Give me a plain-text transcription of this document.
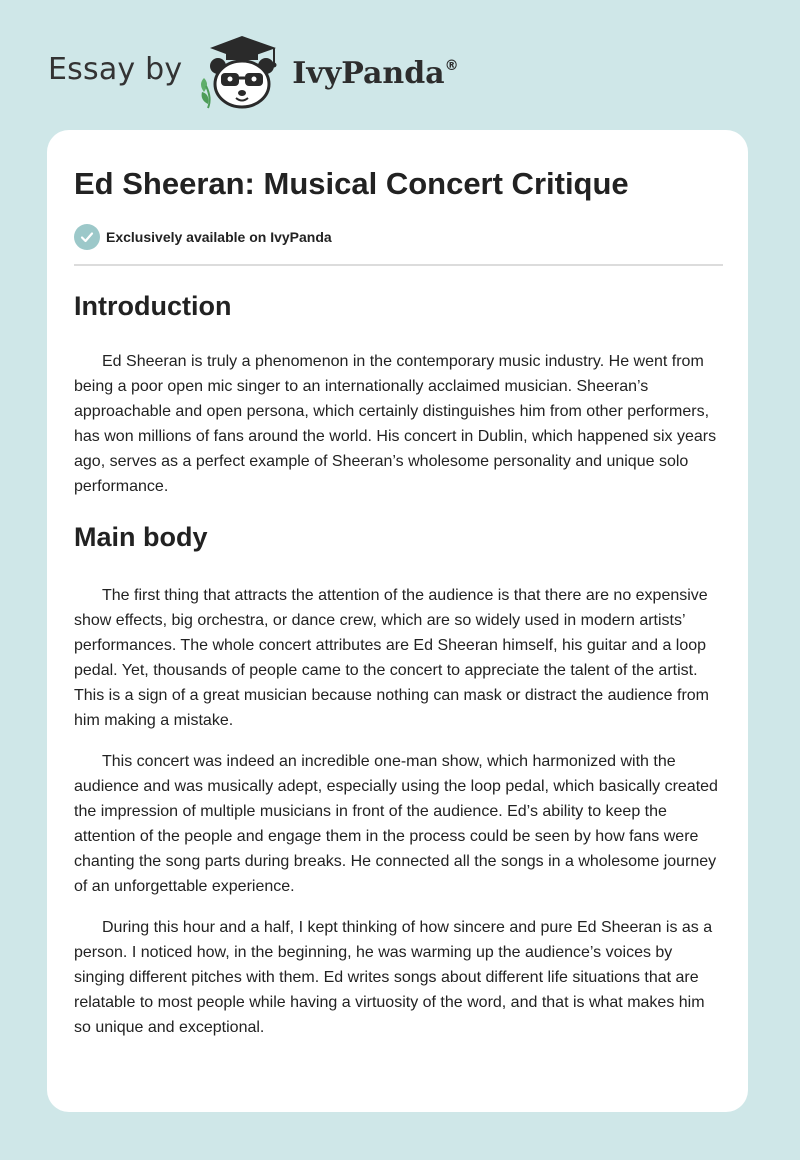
Essay by	IvyPanda®
Ed Sheeran: Musical Concert Critique
Exclusively available on IvyPanda
Introduction

Ed Sheeran is truly a phenomenon in the contemporary music industry. He went from being a poor open mic singer to an internationally acclaimed musician. Sheeran’s approachable and open persona, which certainly distinguishes him from other performers, has won millions of fans around the world. His concert in Dublin, which happened six years ago, serves as a perfect example of Sheeran’s wholesome personality and unique solo performance.

Main body

The first thing that attracts the attention of the audience is that there are no expensive show effects, big orchestra, or dance crew, which are so widely used in modern artists’ performances. The whole concert attributes are Ed Sheeran himself, his guitar and a loop pedal. Yet, thousands of people came to the concert to appreciate the talent of the artist. This is a sign of a great musician because nothing can mask or distract the audience from him making a mistake.

This concert was indeed an incredible one-man show, which harmonized with the audience and was musically adept, especially using the loop pedal, which basically created the impression of multiple musicians in front of the audience. Ed’s ability to keep the attention of the people and engage them in the process could be seen by how fans were chanting the song parts during breaks. He connected all the songs in a wholesome journey of an unforgettable experience.

During this hour and a half, I kept thinking of how sincere and pure Ed Sheeran is as a person. I noticed how, in the beginning, he was warming up the audience’s voices by singing different pitches with them. Ed writes songs about different life situations that are relatable to most people while having a virtuosity of the word, and that is what makes him so unique and exceptional.
